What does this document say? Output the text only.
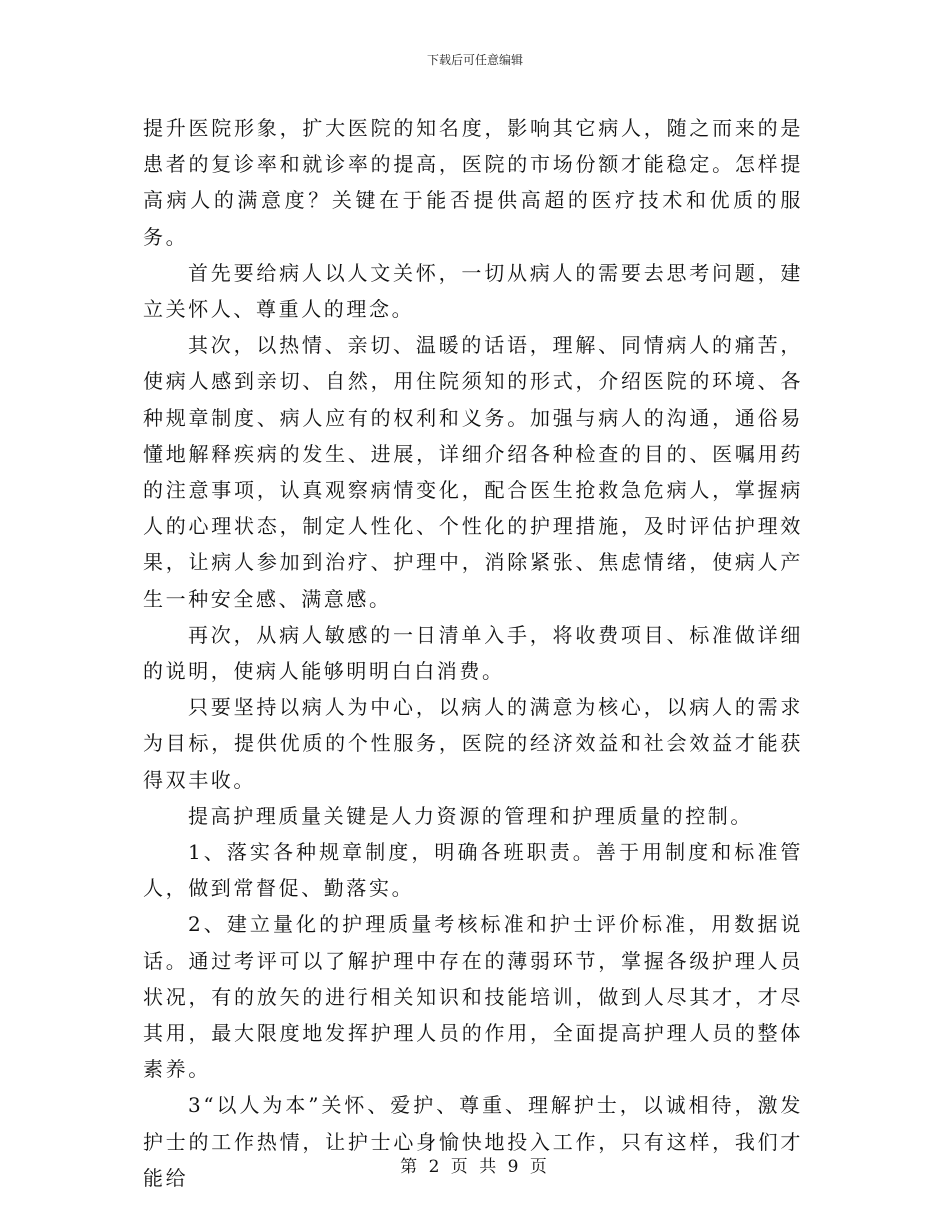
下载后可任意编辑

提升医院形象，扩大医院的知名度，影响其它病人，随之而来的是患者的复诊率和就诊率的提高，医院的市场份额才能稳定。怎样提高病人的满意度？关键在于能否提供高超的医疗技术和优质的服务。

首先要给病人以人文关怀，一切从病人的需要去思考问题，建立关怀人、尊重人的理念。

其次，以热情、亲切、温暖的话语，理解、同情病人的痛苦，使病人感到亲切、自然，用住院须知的形式，介绍医院的环境、各种规章制度、病人应有的权利和义务。加强与病人的沟通，通俗易懂地解释疾病的发生、进展，详细介绍各种检查的目的、医嘱用药的注意事项，认真观察病情变化，配合医生抢救急危病人，掌握病人的心理状态，制定人性化、个性化的护理措施，及时评估护理效果，让病人参加到治疗、护理中，消除紧张、焦虑情绪，使病人产生一种安全感、满意感。

再次，从病人敏感的一日清单入手，将收费项目、标准做详细的说明，使病人能够明明白白消费。

只要坚持以病人为中心，以病人的满意为核心，以病人的需求为目标，提供优质的个性服务，医院的经济效益和社会效益才能获得双丰收。

提高护理质量关键是人力资源的管理和护理质量的控制。

1、落实各种规章制度，明确各班职责。善于用制度和标准管人，做到常督促、勤落实。

2、建立量化的护理质量考核标准和护士评价标准，用数据说话。通过考评可以了解护理中存在的薄弱环节，掌握各级护理人员状况，有的放矢的进行相关知识和技能培训，做到人尽其才，才尽其用，最大限度地发挥护理人员的作用，全面提高护理人员的整体素养。

3“以人为本”关怀、爱护、尊重、理解护士，以诚相待，激发护士的工作热情，让护士心身愉快地投入工作，只有这样，我们才能给	第 2 页 共 9 页
